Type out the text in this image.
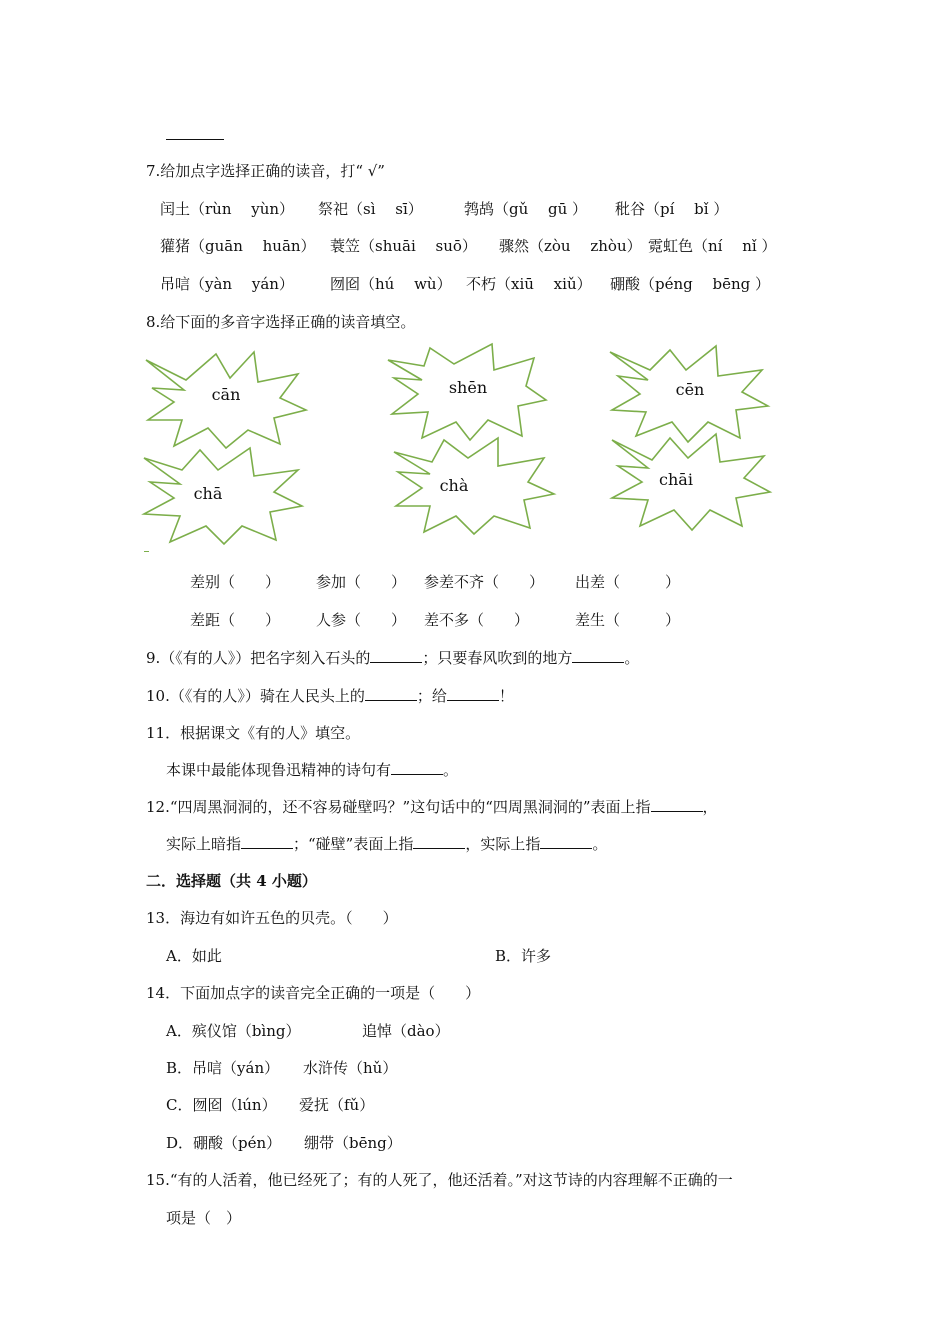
7.给加点字选择正确的读音，打“ √”
闰土（rùn　 yùn） 祭祀（sì　 sī）	鹁鸪（gǔ　 gū ） 秕谷（pí　 bǐ ）
獾猪（guān　 huān） 蓑笠（shuāi　 suō） 骤然（zòu　 zhòu） 霓虹色（ní　 nǐ ）
吊唁（yàn　 yán） 囫囵（hú　 wù） 不朽（xiū　 xiǔ） 硼酸（péng　 bēng ）
8.给下面的多音字选择正确的读音填空。
cān	shēn	cēn
chā	chà	chāi
差别（　　） 参加（　　） 参差不齐（　　） 出差（　　　）
差距（　　） 人参（　　） 差不多（　　）	差生（　　　）
9.（《有的人》）把名字刻入石头的	；只要春风吹到的地方	。
10.（《有的人》）骑在人民头上的	；给	！
11．根据课文《有的人》填空。
本课中最能体现鲁迅精神的诗句有	。
12.“四周黑洞洞的，还不容易碰壁吗？”这句话中的“四周黑洞洞的”表面上指	，
实际上暗指	；“碰壁”表面上指	，实际上指	。
二．选择题（共 4 小题）
13．海边有如许五色的贝壳。（　　）
A．如此	B．许多
14．下面加点字的读音完全正确的一项是（　　）
A．殡仪馆（bìng）	追悼（dào）
B．吊唁（yán） 水浒传（hǔ）
C．囫囵（lún） 爱抚（fǔ）
D．硼酸（pén） 绷带（bēng）
15.“有的人活着，他已经死了；有的人死了，他还活着。”对这节诗的内容理解不正确的一
项是（　）
